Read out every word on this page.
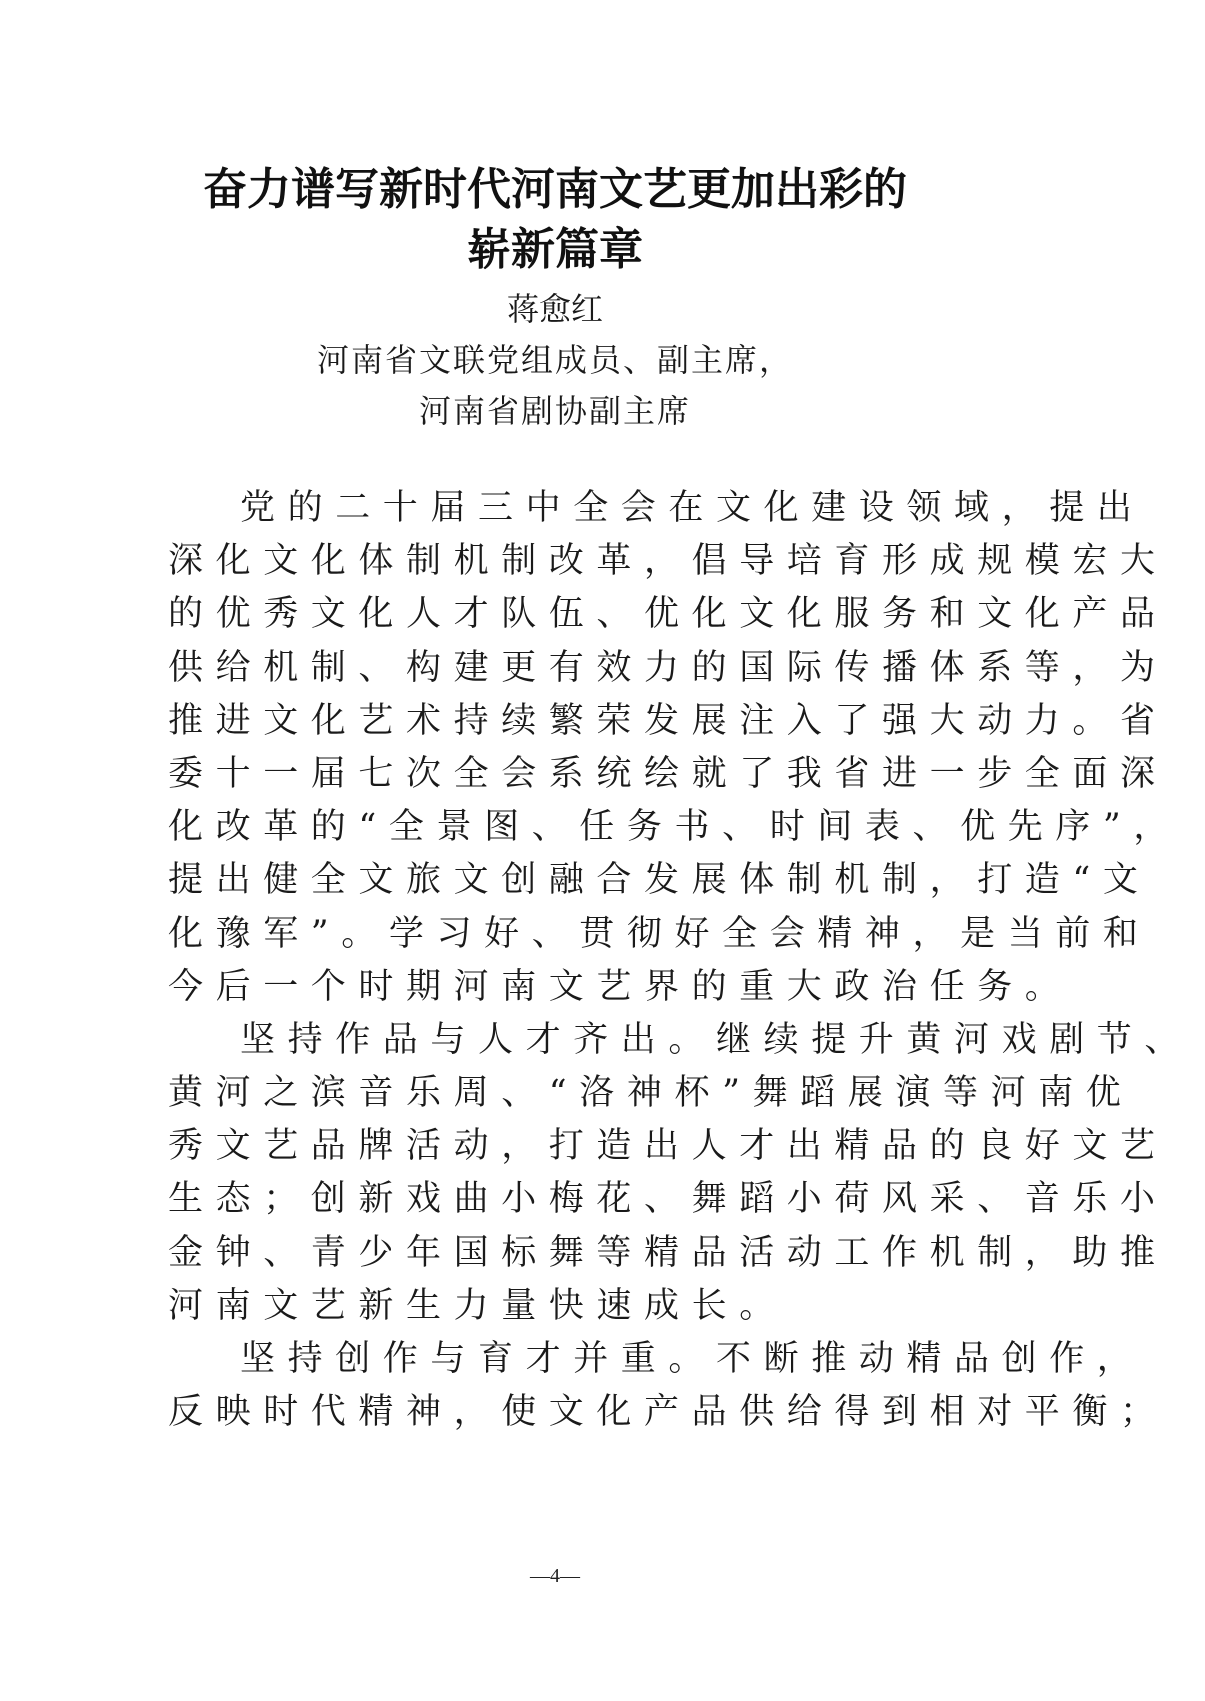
奋力谱写新时代河南文艺更加出彩的
崭新篇章
蒋愈红
河南省文联党组成员、副主席，
河南省剧协副主席
党的二十届三中全会在文化建设领域，提出
深化文化体制机制改革，倡导培育形成规模宏大
的优秀文化人才队伍、优化文化服务和文化产品
供给机制、构建更有效力的国际传播体系等，为
推进文化艺术持续繁荣发展注入了强大动力。省
委十一届七次全会系统绘就了我省进一步全面深
化改革的“全景图、任务书、时间表、优先序”，
提出健全文旅文创融合发展体制机制，打造“文
化豫军”。学习好、贯彻好全会精神，是当前和
今后一个时期河南文艺界的重大政治任务。
坚持作品与人才齐出。继续提升黄河戏剧节、
黄河之滨音乐周、“洛神杯”舞蹈展演等河南优
秀文艺品牌活动，打造出人才出精品的良好文艺
生态；创新戏曲小梅花、舞蹈小荷风采、音乐小
金钟、青少年国标舞等精品活动工作机制，助推
河南文艺新生力量快速成长。
坚持创作与育才并重。不断推动精品创作，
反映时代精神，使文化产品供给得到相对平衡；
—4—
